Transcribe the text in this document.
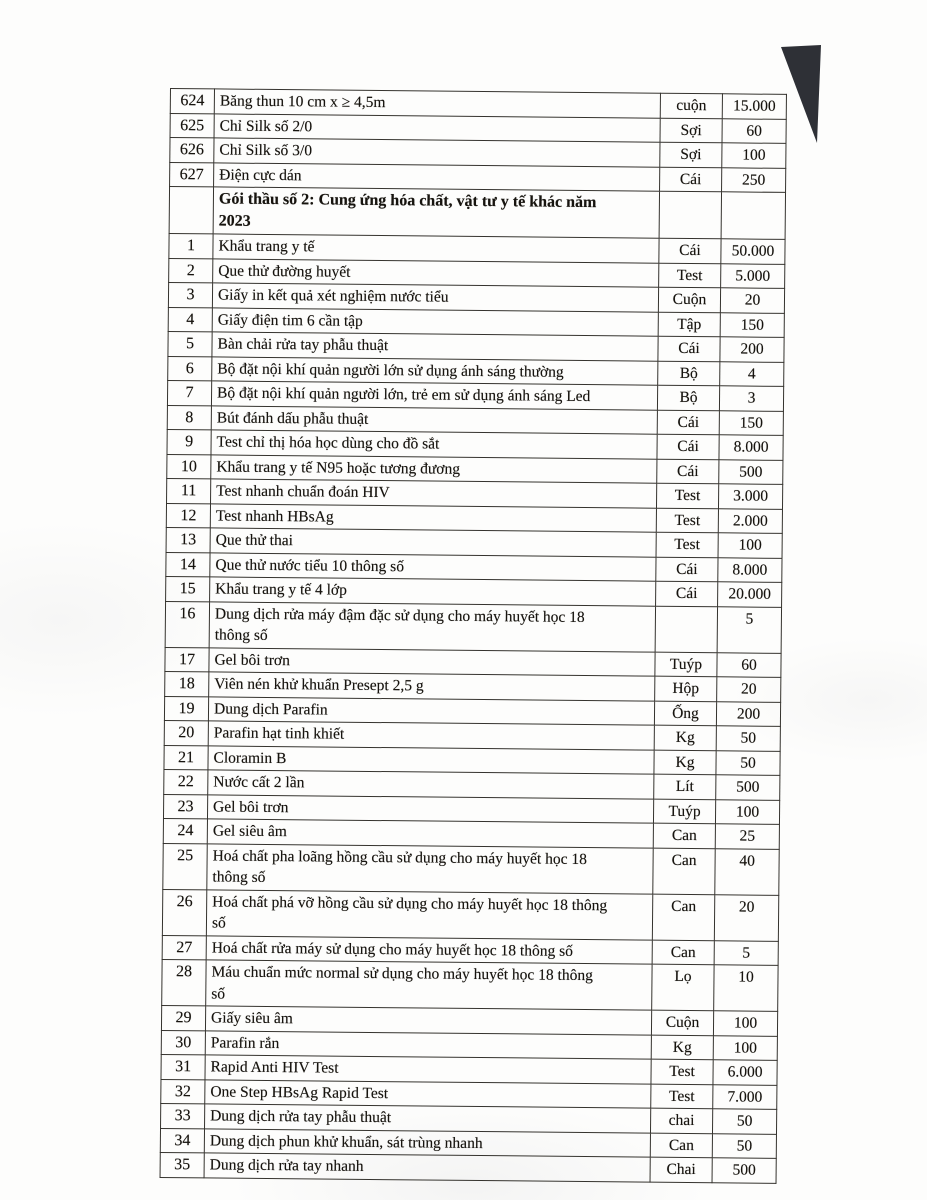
624	Băng thun 10 cm x ≥ 4,5m	cuộn	15.000
625	Chỉ Silk số 2/0	Sợi	60
626	Chỉ Silk số 3/0	Sợi	100
627	Điện cực dán	Cái	250
	Gói thầu số 2: Cung ứng hóa chất, vật tư y tế khác năm
2023		
1	Khẩu trang y tế	Cái	50.000
2	Que thử đường huyết	Test	5.000
3	Giấy in kết quả xét nghiệm nước tiểu	Cuộn	20
4	Giấy điện tim 6 cần tập	Tập	150
5	Bàn chải rửa tay phẫu thuật	Cái	200
6	Bộ đặt nội khí quản người lớn sử dụng ánh sáng thường	Bộ	4
7	Bộ đặt nội khí quản người lớn, trẻ em sử dụng ánh sáng Led	Bộ	3
8	Bút đánh dấu phẫu thuật	Cái	150
9	Test chỉ thị hóa học dùng cho đồ sắt	Cái	8.000
10	Khẩu trang y tế N95 hoặc tương đương	Cái	500
11	Test nhanh chuẩn đoán HIV	Test	3.000
12	Test nhanh HBsAg	Test	2.000
13	Que thử thai	Test	100
14	Que thử nước tiểu 10 thông số	Cái	8.000
15	Khẩu trang y tế 4 lớp	Cái	20.000
16	Dung dịch rửa máy đậm đặc sử dụng cho máy huyết học 18
thông số		5
17	Gel bôi trơn	Tuýp	60
18	Viên nén khử khuẩn Presept 2,5 g	Hộp	20
19	Dung dịch Parafin	Ống	200
20	Parafin hạt tinh khiết	Kg	50
21	Cloramin B	Kg	50
22	Nước cất 2 lần	Lít	500
23	Gel bôi trơn	Tuýp	100
24	Gel siêu âm	Can	25
25	Hoá chất pha loãng hồng cầu sử dụng cho máy huyết học 18
thông số	Can	40
26	Hoá chất phá vỡ hồng cầu sử dụng cho máy huyết học 18 thông
số	Can	20
27	Hoá chất rửa máy sử dụng cho máy huyết học 18 thông số	Can	5
28	Máu chuẩn mức normal sử dụng cho máy huyết học 18 thông
số	Lọ	10
29	Giấy siêu âm	Cuộn	100
30	Parafin rắn	Kg	100
31	Rapid Anti HIV Test	Test	6.000
32	One Step HBsAg Rapid Test	Test	7.000
33	Dung dịch rửa tay phẫu thuật	chai	50
34	Dung dịch phun khử khuẩn, sát trùng nhanh	Can	50
35	Dung dịch rửa tay nhanh	Chai	500
